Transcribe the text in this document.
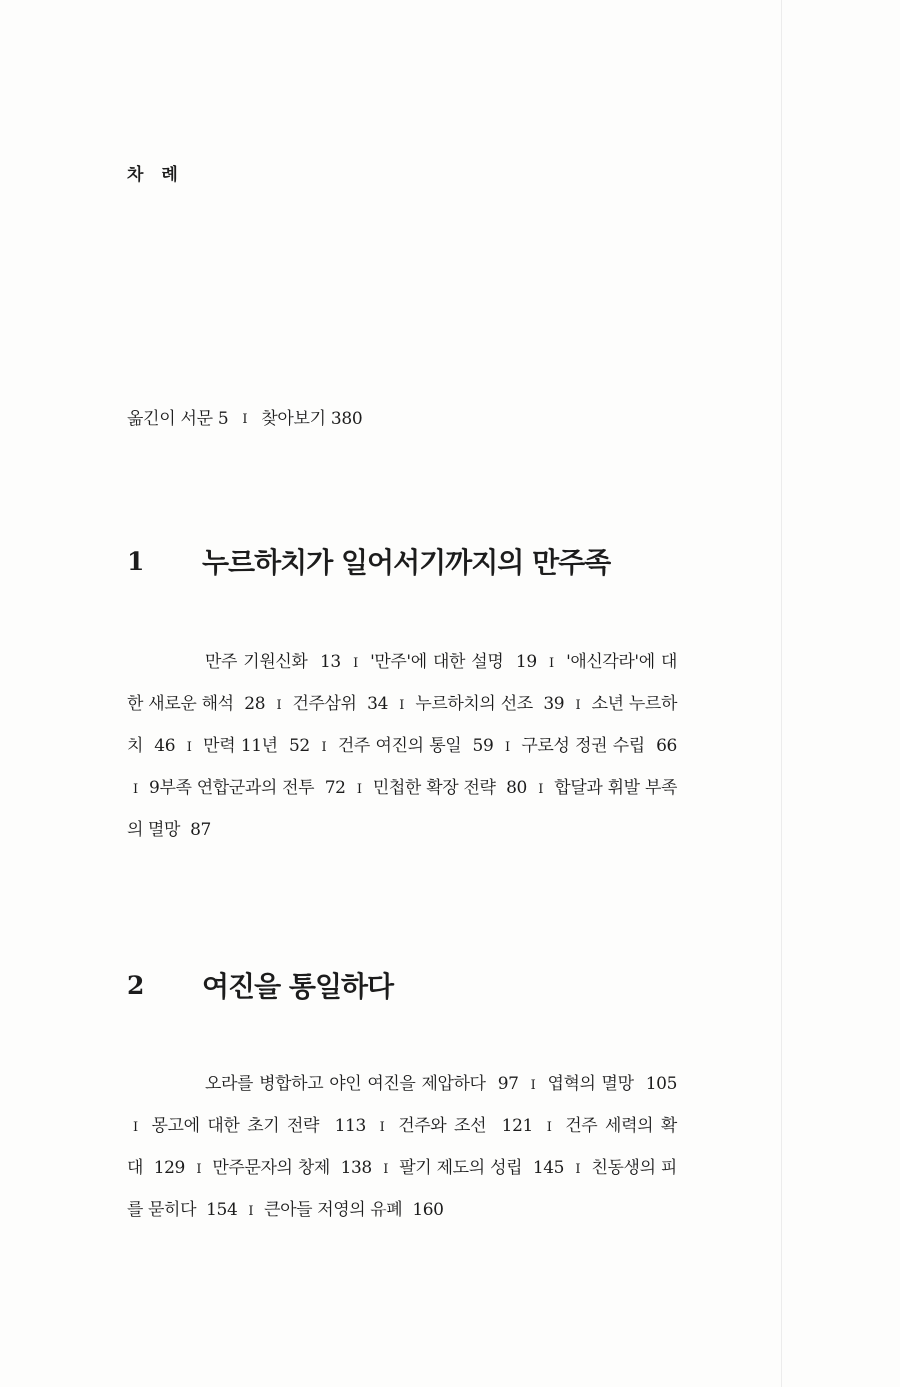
차 례
옮긴이 서문 5 I 찾아보기 380
1	누르하치가 일어서기까지의 만주족
만주 기원신화 13 I '만주'에 대한 설명 19 I '애신각라'에 대한 새로운 해석 28 I 건주삼위 34 I 누르하치의 선조 39 I 소년 누르하치 46 I 만력 11년 52 I 건주 여진의 통일 59 I 구로성 정권 수립 66 I 9부족 연합군과의 전투 72 I 민첩한 확장 전략 80 I 합달과 휘발 부족의 멸망 87
2	여진을 통일하다
오라를 병합하고 야인 여진을 제압하다 97 I 엽혁의 멸망 105 I 몽고에 대한 초기 전략 113 I 건주와 조선 121 I 건주 세력의 확대 129 I 만주문자의 창제 138 I 팔기 제도의 성립 145 I 친동생의 피를 묻히다 154 I 큰아들 저영의 유폐 160
